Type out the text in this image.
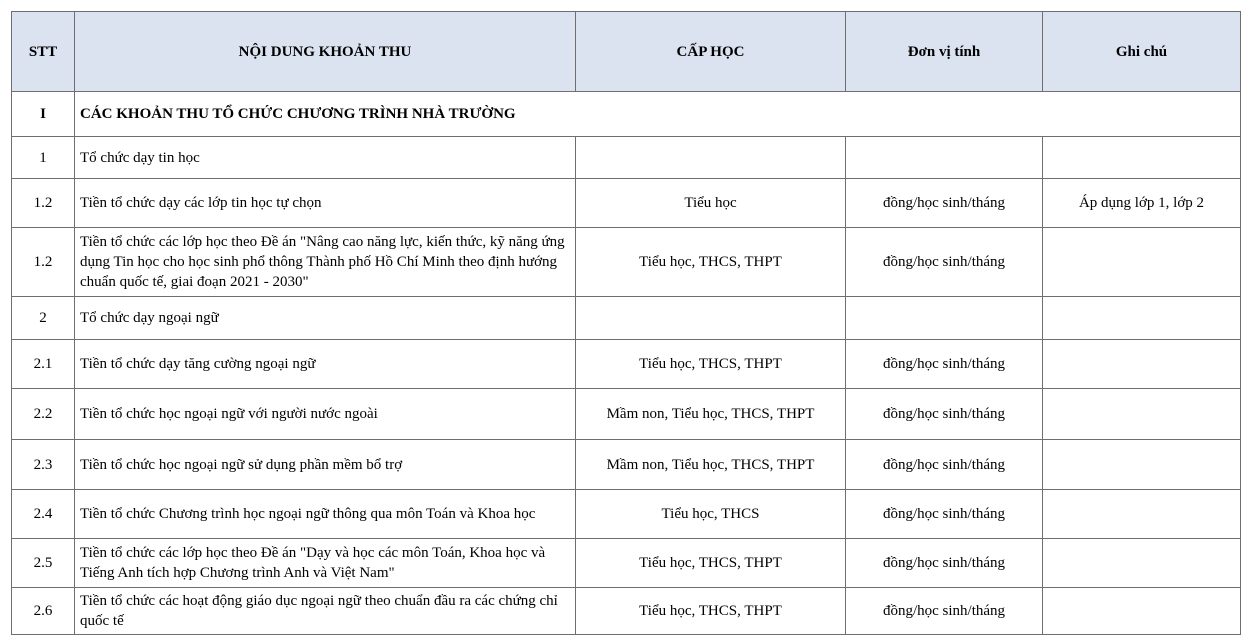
STT	NỘI DUNG KHOẢN THU	CẤP HỌC	Đơn vị tính	Ghi chú
I	CÁC KHOẢN THU TỔ CHỨC CHƯƠNG TRÌNH NHÀ TRƯỜNG			
1	Tổ chức dạy tin học			
1.2	Tiền tổ chức dạy các lớp tin học tự chọn	Tiểu học	đồng/học sinh/tháng	Áp dụng lớp 1, lớp 2
1.2	Tiền tổ chức các lớp học theo Đề án "Nâng cao năng lực, kiến thức, kỹ năng ứng dụng Tin học cho học sinh phổ thông Thành phố Hồ Chí Minh theo định hướng chuẩn quốc tế, giai đoạn 2021 - 2030"	Tiểu học, THCS, THPT	đồng/học sinh/tháng	
2	Tổ chức dạy ngoại ngữ			
2.1	Tiền tổ chức dạy tăng cường ngoại ngữ	Tiểu học, THCS, THPT	đồng/học sinh/tháng	
2.2	Tiền tổ chức học ngoại ngữ với người nước ngoài	Mầm non, Tiểu học, THCS, THPT	đồng/học sinh/tháng	
2.3	Tiền tổ chức học ngoại ngữ sử dụng phần mềm bổ trợ	Mầm non, Tiểu học, THCS, THPT	đồng/học sinh/tháng	
2.4	Tiền tổ chức Chương trình học ngoại ngữ thông qua môn Toán và Khoa học	Tiểu học, THCS	đồng/học sinh/tháng	
2.5	Tiền tổ chức các lớp học theo Đề án "Dạy và học các môn Toán, Khoa học và Tiếng Anh tích hợp Chương trình Anh và Việt Nam"	Tiểu học, THCS, THPT	đồng/học sinh/tháng	
2.6	Tiền tổ chức các hoạt động giáo dục ngoại ngữ theo chuẩn đầu ra các chứng chỉ quốc tế	Tiểu học, THCS, THPT	đồng/học sinh/tháng	
